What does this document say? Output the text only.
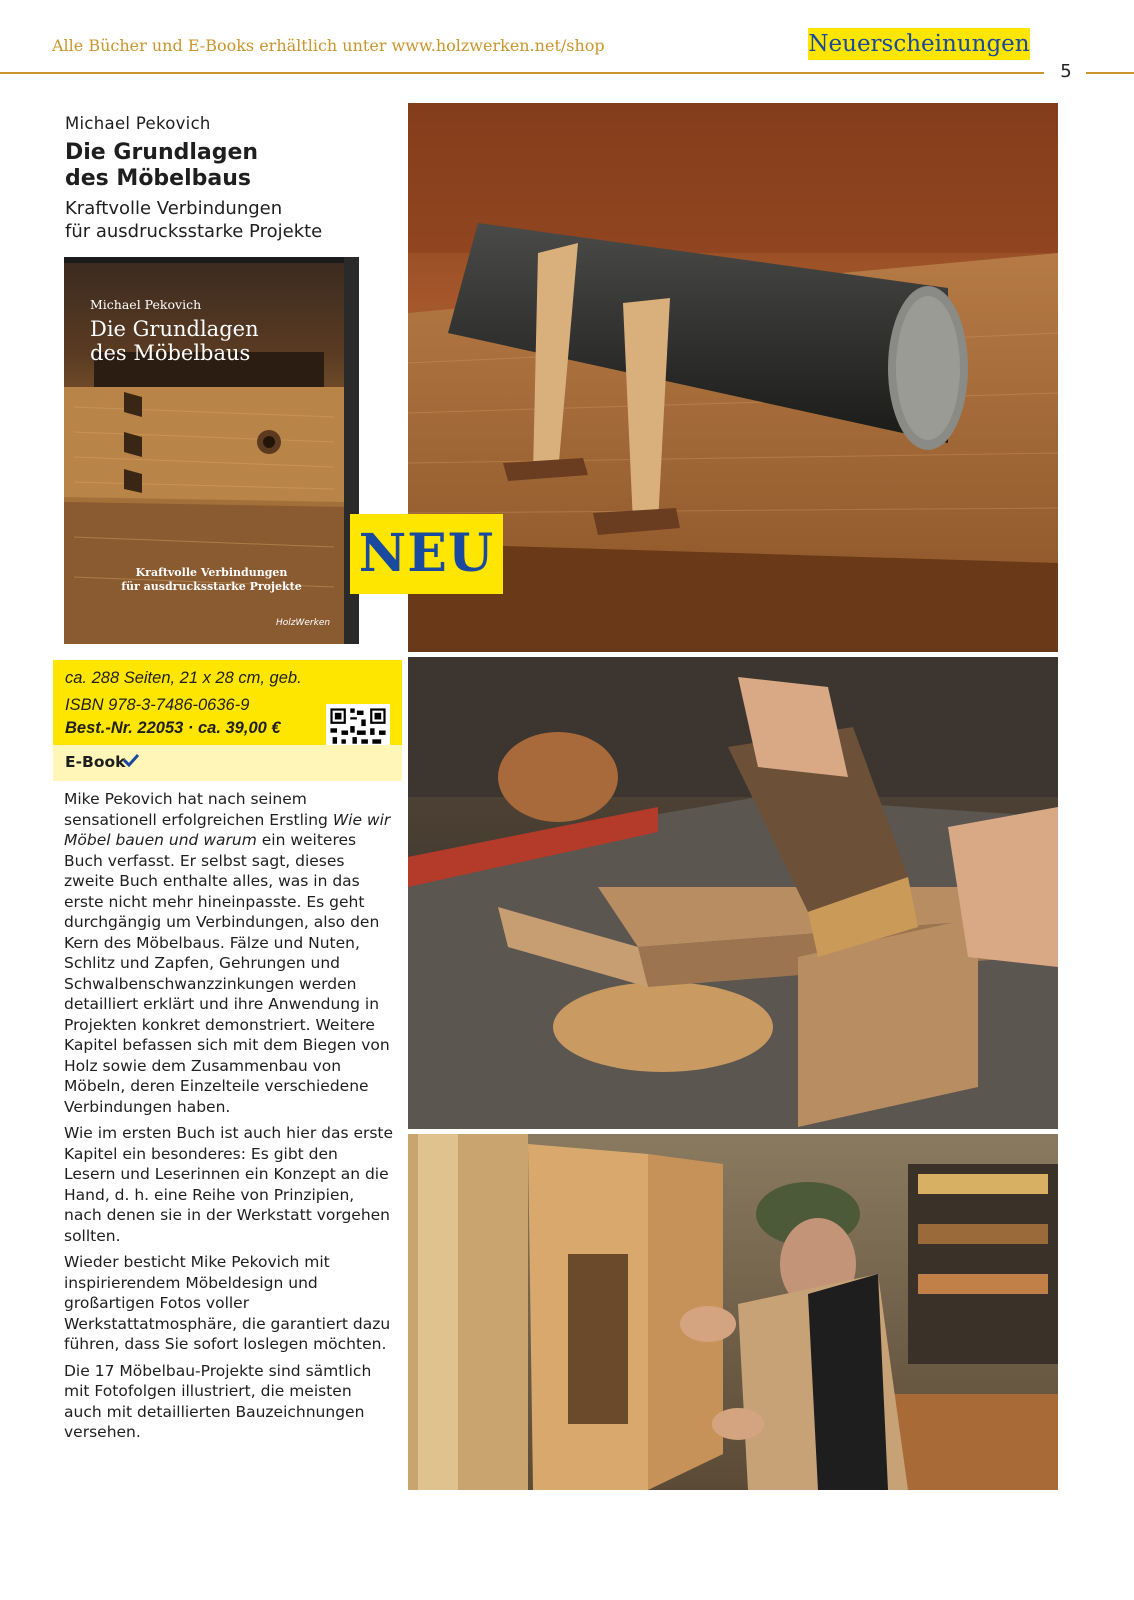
Alle Bücher und E-Books erhältlich unter www.holzwerken.net/shop	Neuerscheinungen
5
Michael Pekovich
Die Grundlagen
des Möbelbaus
Kraftvolle Verbindungen
für ausdrucksstarke Projekte
Michael Pekovich
Die Grundlagen
des Möbelbaus
Kraftvolle Verbindungen
für ausdrucksstarke Projekte
HolzWerken
NEU
ca. 288 Seiten, 21 x 28 cm, geb.
ISBN 978-3-7486-0636-9
Best.-Nr. 22053 · ca. 39,00 €
E-Book

Mike Pekovich hat nach seinem sensationell erfolgreichen Erstling Wie wir Möbel bauen und warum ein weiteres Buch verfasst. Er selbst sagt, dieses zweite Buch enthalte alles, was in das erste nicht mehr hineinpasste. Es geht durchgängig um Verbindungen, also den Kern des Möbelbaus. Fälze und Nuten, Schlitz und Zapfen, Gehrungen und Schwalbenschwanzzinkungen werden detailliert erklärt und ihre Anwendung in Projekten konkret demonstriert. Weitere Kapitel befassen sich mit dem Biegen von Holz sowie dem Zusammenbau von Möbeln, deren Einzelteile verschiedene Verbindungen haben.

Wie im ersten Buch ist auch hier das erste Kapitel ein besonderes: Es gibt den Lesern und Leserinnen ein Konzept an die Hand, d. h. eine Reihe von Prinzipien, nach denen sie in der Werkstatt vorgehen sollten.

Wieder besticht Mike Pekovich mit inspirierendem Möbeldesign und großartigen Fotos voller Werkstattatmosphäre, die garantiert dazu führen, dass Sie sofort loslegen möchten.

Die 17 Möbelbau-Projekte sind sämtlich mit Fotofolgen illustriert, die meisten auch mit detaillierten Bauzeichnungen versehen.
